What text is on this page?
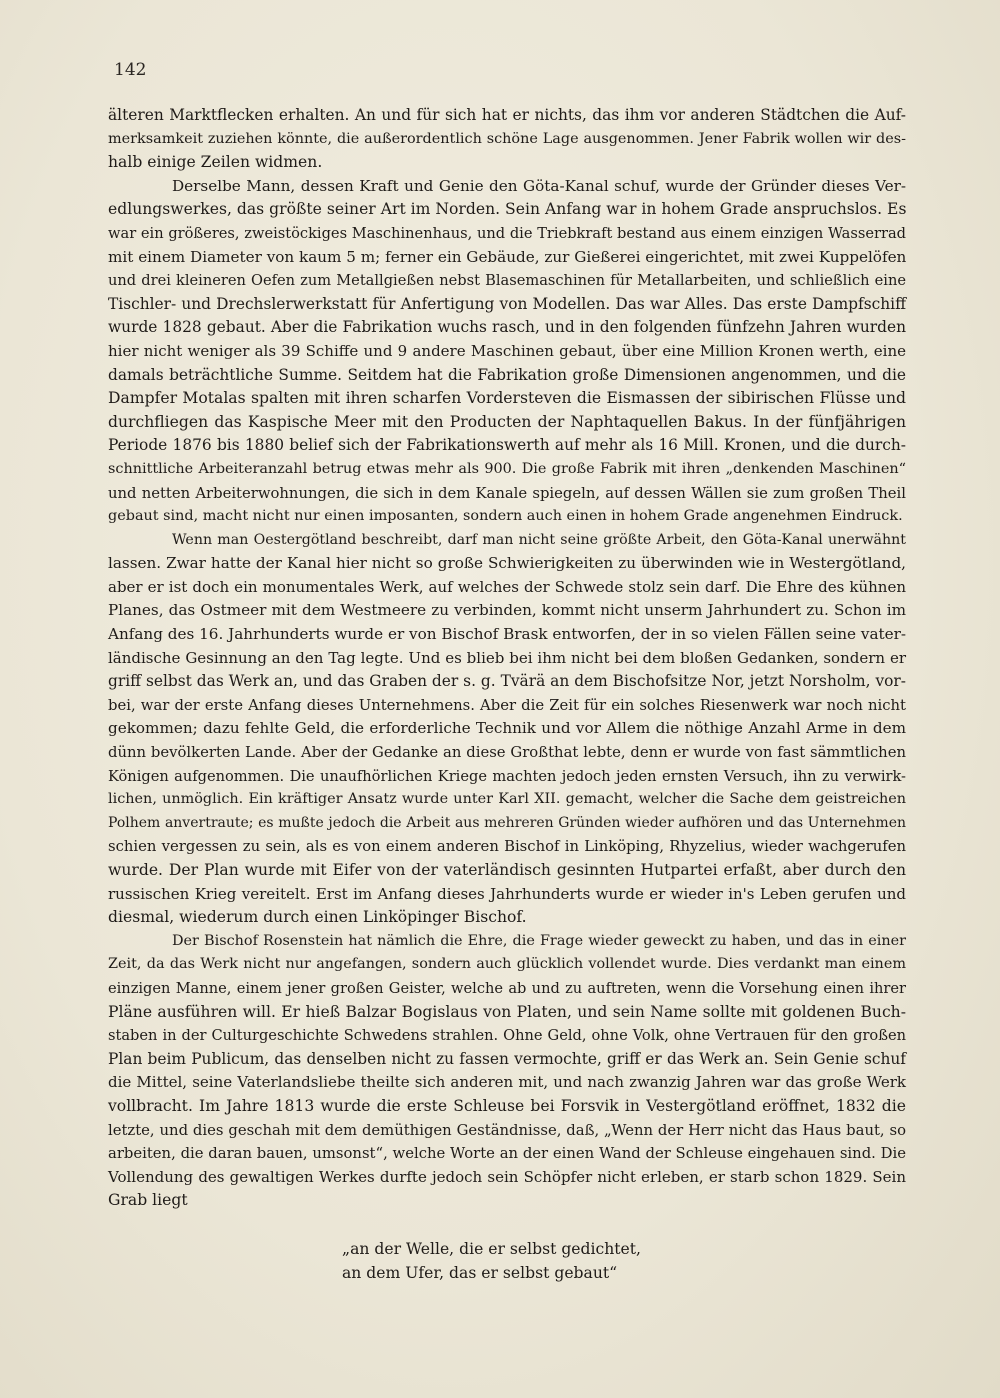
142
älteren Marktflecken erhalten. An und für sich hat er nichts, das ihm vor anderen Städtchen die Auf-
merksamkeit zuziehen könnte, die außerordentlich schöne Lage ausgenommen. Jener Fabrik wollen wir des-
halb einige Zeilen widmen.
Derselbe Mann, dessen Kraft und Genie den Göta-Kanal schuf, wurde der Gründer dieses Ver-
edlungswerkes, das größte seiner Art im Norden. Sein Anfang war in hohem Grade anspruchslos. Es
war ein größeres, zweistöckiges Maschinenhaus, und die Triebkraft bestand aus einem einzigen Wasserrad
mit einem Diameter von kaum 5 m; ferner ein Gebäude, zur Gießerei eingerichtet, mit zwei Kuppelöfen
und drei kleineren Oefen zum Metallgießen nebst Blasemaschinen für Metallarbeiten, und schließlich eine
Tischler- und Drechslerwerkstatt für Anfertigung von Modellen. Das war Alles. Das erste Dampfschiff
wurde 1828 gebaut. Aber die Fabrikation wuchs rasch, und in den folgenden fünfzehn Jahren wurden
hier nicht weniger als 39 Schiffe und 9 andere Maschinen gebaut, über eine Million Kronen werth, eine
damals beträchtliche Summe. Seitdem hat die Fabrikation große Dimensionen angenommen, und die
Dampfer Motalas spalten mit ihren scharfen Vordersteven die Eismassen der sibirischen Flüsse und
durchfliegen das Kaspische Meer mit den Producten der Naphtaquellen Bakus. In der fünfjährigen
Periode 1876 bis 1880 belief sich der Fabrikationswerth auf mehr als 16 Mill. Kronen, und die durch-
schnittliche Arbeiteranzahl betrug etwas mehr als 900. Die große Fabrik mit ihren „denkenden Maschinen“
und netten Arbeiterwohnungen, die sich in dem Kanale spiegeln, auf dessen Wällen sie zum großen Theil
gebaut sind, macht nicht nur einen imposanten, sondern auch einen in hohem Grade angenehmen Eindruck.
Wenn man Oestergötland beschreibt, darf man nicht seine größte Arbeit, den Göta-Kanal unerwähnt
lassen. Zwar hatte der Kanal hier nicht so große Schwierigkeiten zu überwinden wie in Westergötland,
aber er ist doch ein monumentales Werk, auf welches der Schwede stolz sein darf. Die Ehre des kühnen
Planes, das Ostmeer mit dem Westmeere zu verbinden, kommt nicht unserm Jahrhundert zu. Schon im
Anfang des 16. Jahrhunderts wurde er von Bischof Brask entworfen, der in so vielen Fällen seine vater-
ländische Gesinnung an den Tag legte. Und es blieb bei ihm nicht bei dem bloßen Gedanken, sondern er
griff selbst das Werk an, und das Graben der s. g. Tvärä an dem Bischofsitze Nor, jetzt Norsholm, vor-
bei, war der erste Anfang dieses Unternehmens. Aber die Zeit für ein solches Riesenwerk war noch nicht
gekommen; dazu fehlte Geld, die erforderliche Technik und vor Allem die nöthige Anzahl Arme in dem
dünn bevölkerten Lande. Aber der Gedanke an diese Großthat lebte, denn er wurde von fast sämmtlichen
Königen aufgenommen. Die unaufhörlichen Kriege machten jedoch jeden ernsten Versuch, ihn zu verwirk-
lichen, unmöglich. Ein kräftiger Ansatz wurde unter Karl XII. gemacht, welcher die Sache dem geistreichen
Polhem anvertraute; es mußte jedoch die Arbeit aus mehreren Gründen wieder aufhören und das Unternehmen
schien vergessen zu sein, als es von einem anderen Bischof in Linköping, Rhyzelius, wieder wachgerufen
wurde. Der Plan wurde mit Eifer von der vaterländisch gesinnten Hutpartei erfaßt, aber durch den
russischen Krieg vereitelt. Erst im Anfang dieses Jahrhunderts wurde er wieder in's Leben gerufen und
diesmal, wiederum durch einen Linköpinger Bischof.
Der Bischof Rosenstein hat nämlich die Ehre, die Frage wieder geweckt zu haben, und das in einer
Zeit, da das Werk nicht nur angefangen, sondern auch glücklich vollendet wurde. Dies verdankt man einem
einzigen Manne, einem jener großen Geister, welche ab und zu auftreten, wenn die Vorsehung einen ihrer
Pläne ausführen will. Er hieß Balzar Bogislaus von Platen, und sein Name sollte mit goldenen Buch-
staben in der Culturgeschichte Schwedens strahlen. Ohne Geld, ohne Volk, ohne Vertrauen für den großen
Plan beim Publicum, das denselben nicht zu fassen vermochte, griff er das Werk an. Sein Genie schuf
die Mittel, seine Vaterlandsliebe theilte sich anderen mit, und nach zwanzig Jahren war das große Werk
vollbracht. Im Jahre 1813 wurde die erste Schleuse bei Forsvik in Vestergötland eröffnet, 1832 die
letzte, und dies geschah mit dem demüthigen Geständnisse, daß, „Wenn der Herr nicht das Haus baut, so
arbeiten, die daran bauen, umsonst“, welche Worte an der einen Wand der Schleuse eingehauen sind. Die
Vollendung des gewaltigen Werkes durfte jedoch sein Schöpfer nicht erleben, er starb schon 1829. Sein
Grab liegt
„an der Welle, die er selbst gedichtet,
an dem Ufer, das er selbst gebaut“
